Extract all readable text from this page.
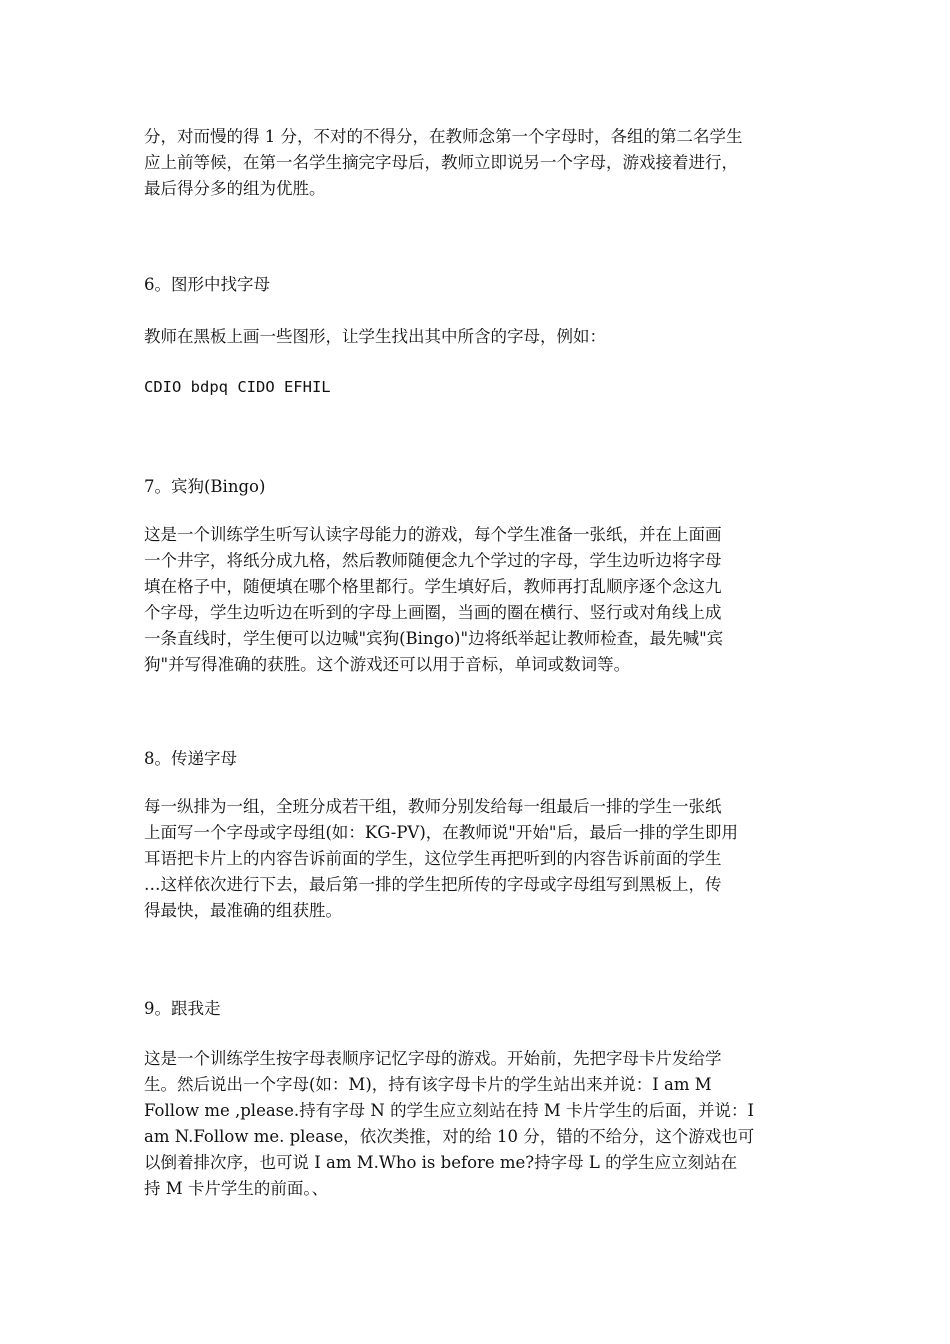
分，对而慢的得 1 分，不对的不得分，在教师念第一个字母时，各组的第二名学生
应上前等候，在第一名学生摘完字母后，教师立即说另一个字母，游戏接着进行，
最后得分多的组为优胜。
6。图形中找字母
教师在黑板上画一些图形，让学生找出其中所含的字母，例如：
CDIO bdpq CIDO EFHIL
7。宾狗(Bingo)
这是一个训练学生听写认读字母能力的游戏，每个学生准备一张纸，并在上面画
一个井字，将纸分成九格，然后教师随便念九个学过的字母，学生边听边将字母
填在格子中，随便填在哪个格里都行。学生填好后，教师再打乱顺序逐个念这九
个字母，学生边听边在听到的字母上画圈，当画的圈在横行、竖行或对角线上成
一条直线时，学生便可以边喊"宾狗(Bingo)"边将纸举起让教师检查，最先喊"宾
狗"并写得准确的获胜。这个游戏还可以用于音标，单词或数词等。
8。传递字母
每一纵排为一组，全班分成若干组，教师分别发给每一组最后一排的学生一张纸
上面写一个字母或字母组(如：KG-PV)，在教师说"开始"后，最后一排的学生即用
耳语把卡片上的内容告诉前面的学生，这位学生再把听到的内容告诉前面的学生
…这样依次进行下去，最后第一排的学生把所传的字母或字母组写到黑板上，传
得最快，最准确的组获胜。
9。跟我走
这是一个训练学生按字母表顺序记忆字母的游戏。开始前，先把字母卡片发给学
生。然后说出一个字母(如：M)，持有该字母卡片的学生站出来并说：I am M
Follow me ,please.持有字母 N 的学生应立刻站在持 M 卡片学生的后面，并说：I
am N.Follow me. please，依次类推，对的给 10 分，错的不给分，这个游戏也可
以倒着排次序，也可说 I am M.Who is before me?持字母 L 的学生应立刻站在
持 M 卡片学生的前面。、
